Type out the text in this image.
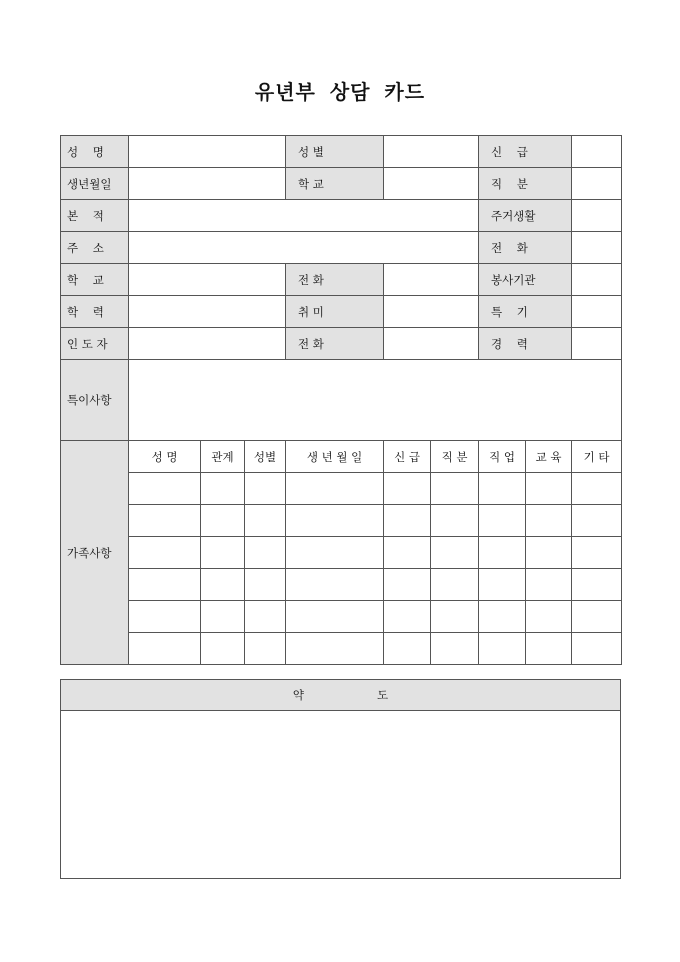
유년부 상담 카드
성    명				성 별			신    급		
생년월일				학 교			직    분		
본    적							주거생활		
주    소							전    화		
학    교				전 화			봉사기관		
학    력				취 미			특    기		
인 도 자				전 화			경    력		
특이사항									
가족사항	성 명	관계	성별	생 년 월 일	신 급	직 분	직 업	교 육	기 타

약                    도
